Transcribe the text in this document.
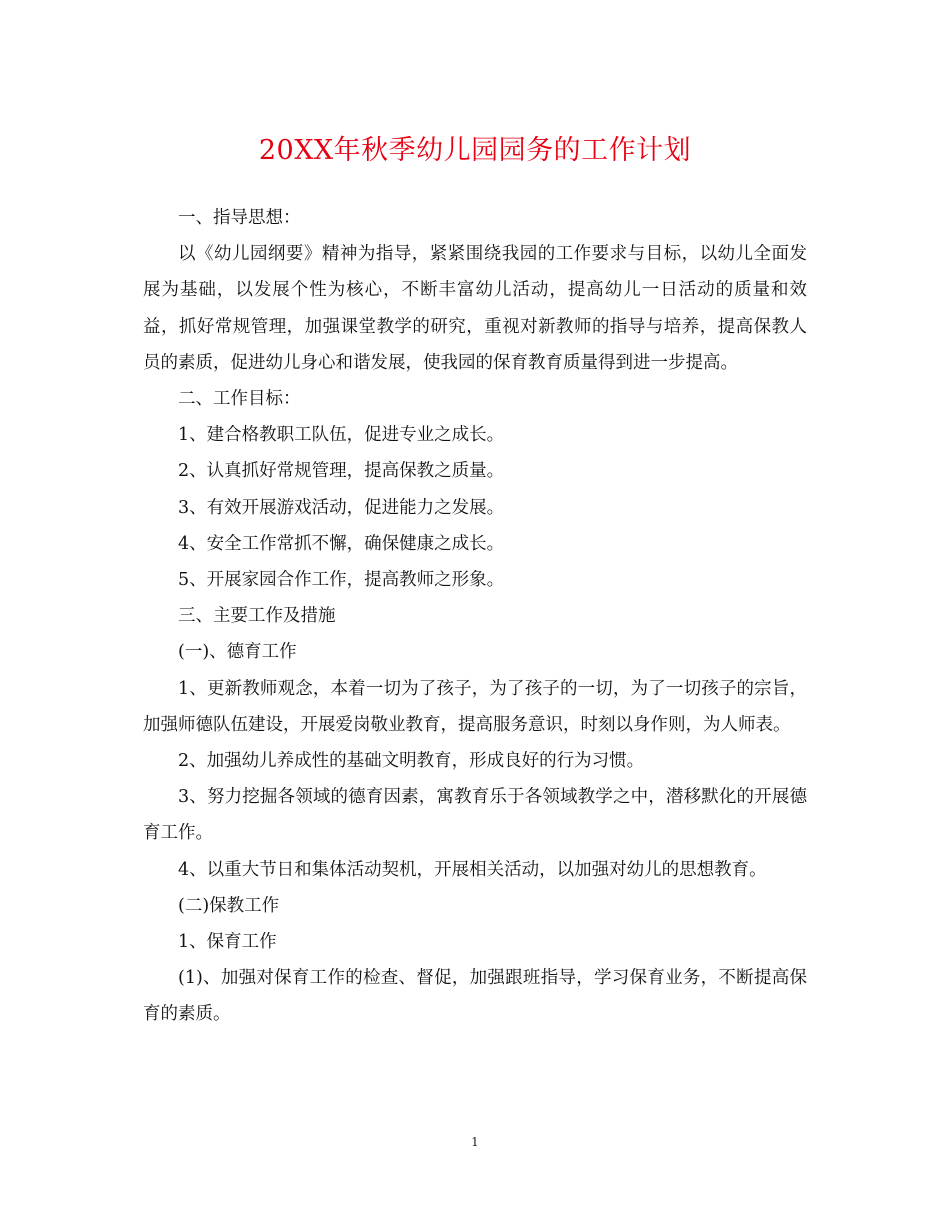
20XX年秋季幼儿园园务的工作计划

一、指导思想：

以《幼儿园纲要》精神为指导，紧紧围绕我园的工作要求与目标，以幼儿全面发展为基础，以发展个性为核心，不断丰富幼儿活动，提高幼儿一日活动的质量和效益，抓好常规管理，加强课堂教学的研究，重视对新教师的指导与培养，提高保教人员的素质，促进幼儿身心和谐发展，使我园的保育教育质量得到进一步提高。

二、工作目标：

1、建合格教职工队伍，促进专业之成长。

2、认真抓好常规管理，提高保教之质量。

3、有效开展游戏活动，促进能力之发展。

4、安全工作常抓不懈，确保健康之成长。

5、开展家园合作工作，提高教师之形象。

三、主要工作及措施

(一)、德育工作

1、更新教师观念，本着一切为了孩子，为了孩子的一切，为了一切孩子的宗旨，加强师德队伍建设，开展爱岗敬业教育，提高服务意识，时刻以身作则，为人师表。

2、加强幼儿养成性的基础文明教育，形成良好的行为习惯。

3、努力挖掘各领域的德育因素，寓教育乐于各领域教学之中，潜移默化的开展德育工作。

4、以重大节日和集体活动契机，开展相关活动，以加强对幼儿的思想教育。

(二)保教工作

1、保育工作

(1)、加强对保育工作的检查、督促，加强跟班指导，学习保育业务，不断提高保育的素质。

1
